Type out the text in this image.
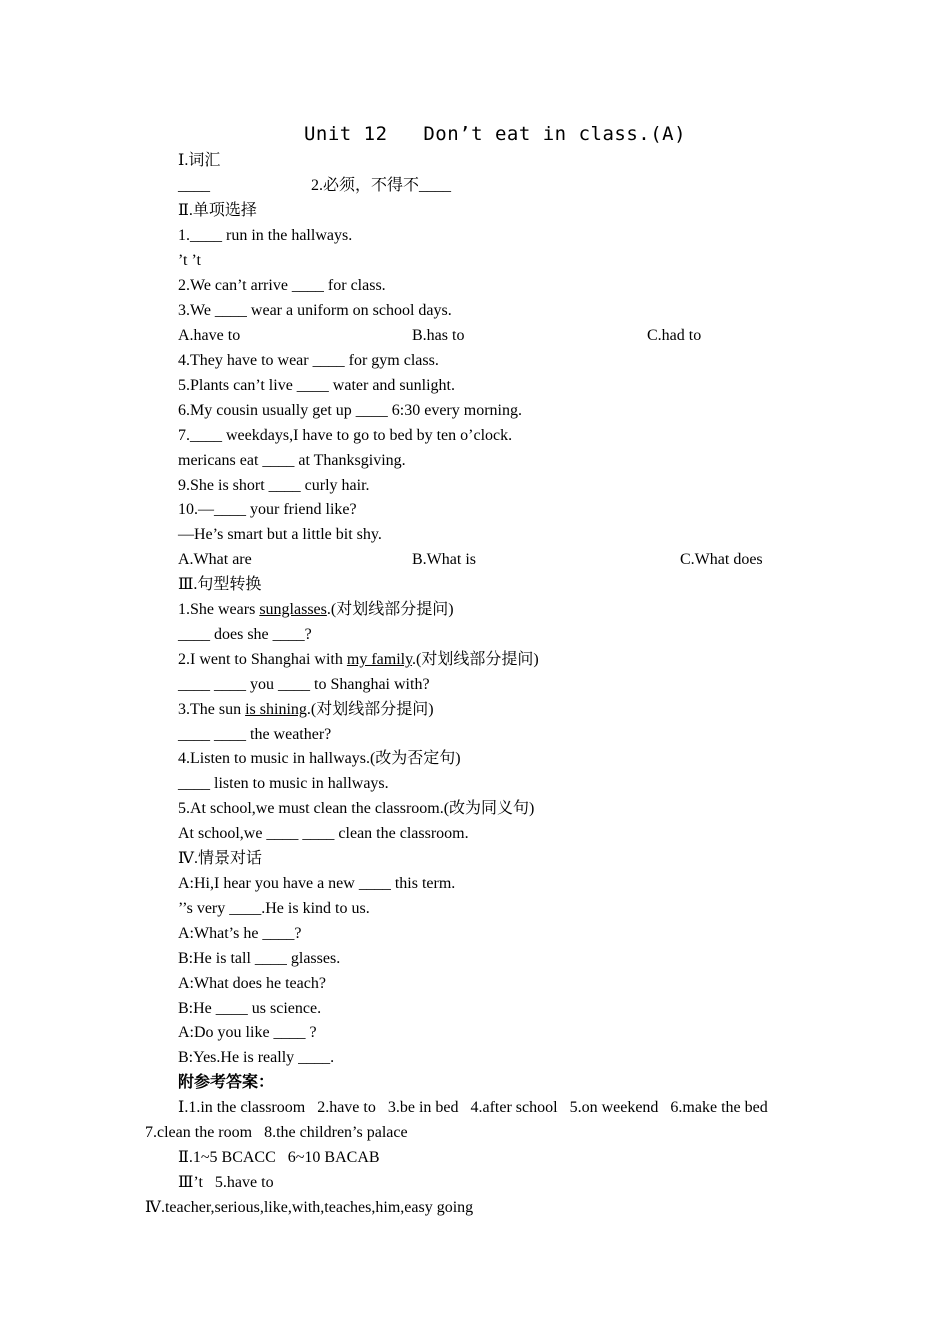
Unit 12   Don’t eat in class.(A)
Ⅰ.词汇
____	2.必须，不得不____
Ⅱ.单项选择
1.____ run in the hallways.
’t ’t
2.We can’t arrive ____ for class.
3.We ____ wear a uniform on school days.
A.have to	B.has to	C.had to
4.They have to wear ____ for gym class.
5.Plants can’t live ____ water and sunlight.
6.My cousin usually get up ____ 6:30 every morning.
7.____ weekdays,I have to go to bed by ten o’clock.
mericans eat ____ at Thanksgiving.
9.She is short ____ curly hair.
10.—____ your friend like?
—He’s smart but a little bit shy.
A.What are	B.What is	C.What does
Ⅲ.句型转换
1.She wears sunglasses.(对划线部分提问)
____ does she ____?
2.I went to Shanghai with my family.(对划线部分提问)
____ ____ you ____ to Shanghai with?
3.The sun is shining.(对划线部分提问)
____ ____ the weather?
4.Listen to music in hallways.(改为否定句)
____ listen to music in hallways.
5.At school,we must clean the classroom.(改为同义句)
At school,we ____ ____ clean the classroom.
Ⅳ.情景对话
A:Hi,I hear you have a new ____ this term.
’’s very ____.He is kind to us.
A:What’s he ____?
B:He is tall ____ glasses.
A:What does he teach?
B:He ____ us science.
A:Do you like ____ ?
B:Yes.He is really ____.
附参考答案：
Ⅰ.1.in the classroom   2.have to   3.be in bed   4.after school   5.on weekend   6.make the bed
7.clean the room   8.the children’s palace
Ⅱ.1~5 BCACC   6~10 BACAB
Ⅲ’t   5.have to
Ⅳ.teacher,serious,like,with,teaches,him,easy going
